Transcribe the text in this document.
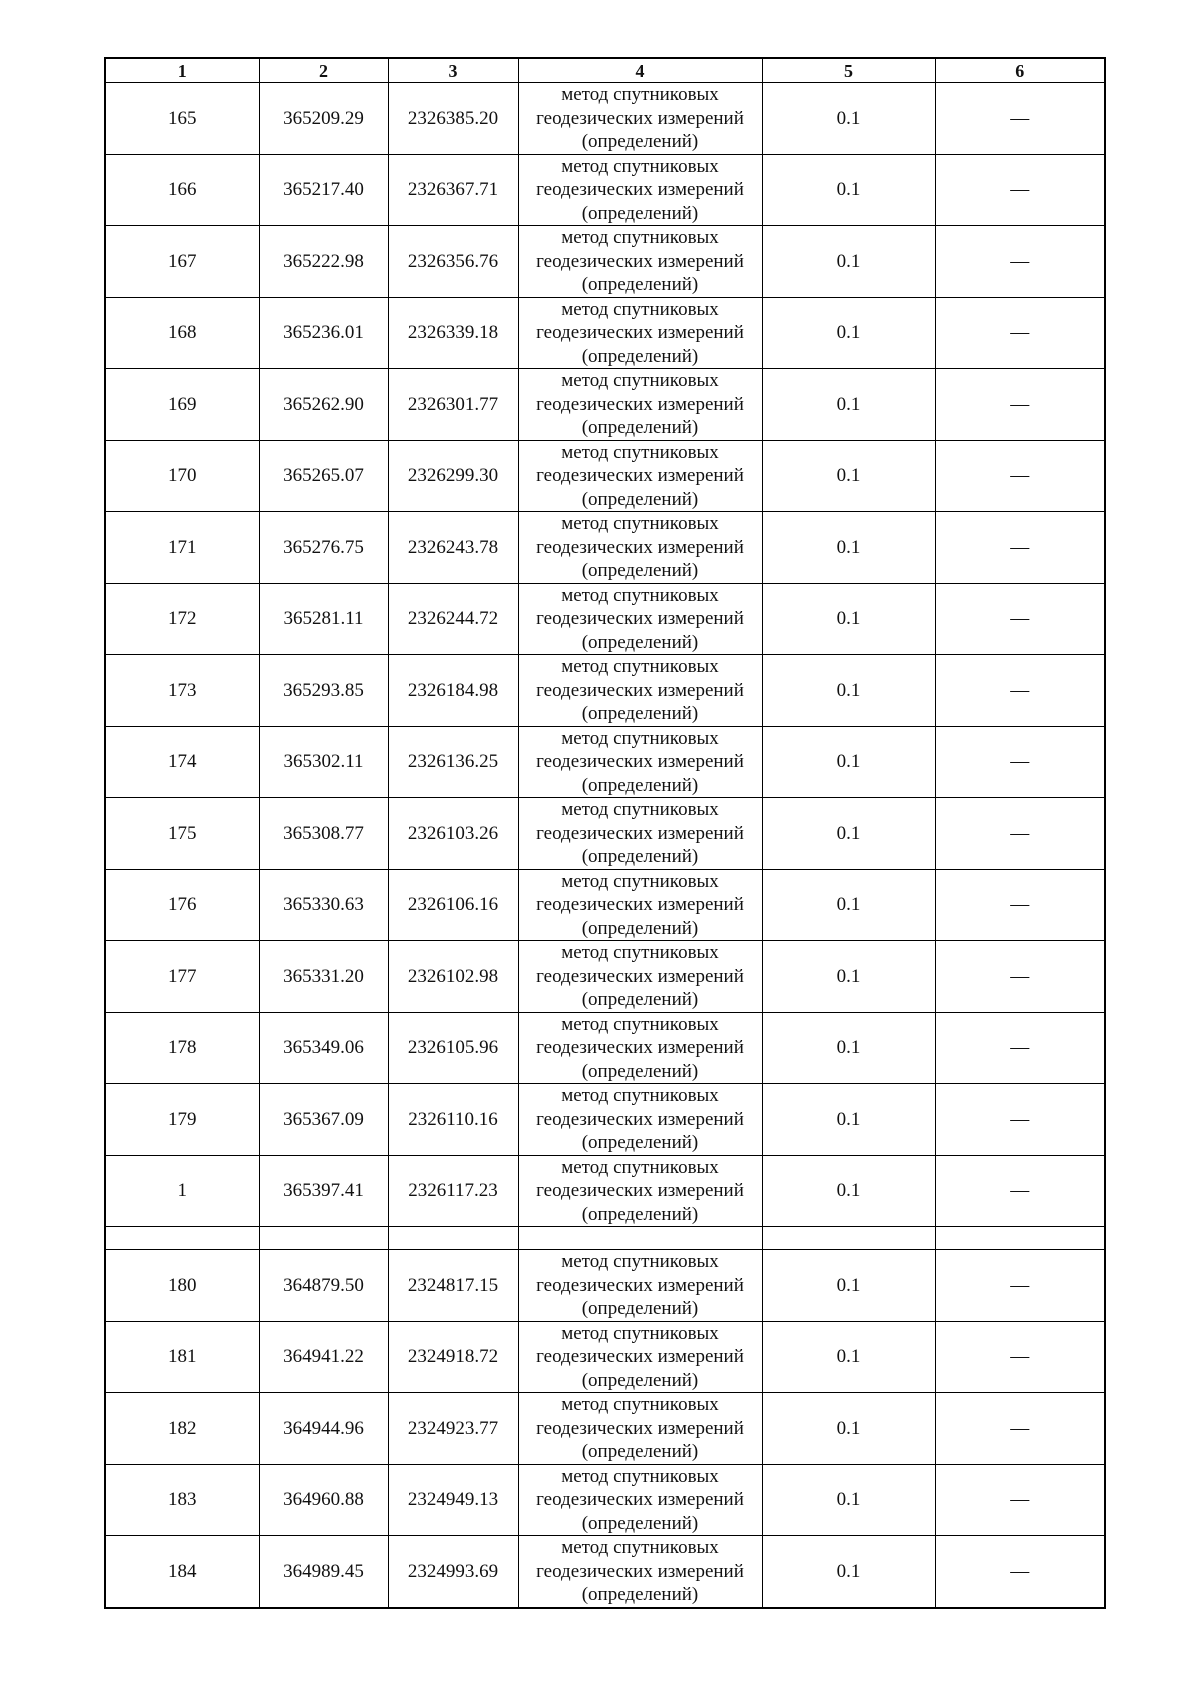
1	2	3	4	5	6
165	365209.29	2326385.20	метод спутниковых
геодезических измерений
(определений)	0.1	—
166	365217.40	2326367.71	метод спутниковых
геодезических измерений
(определений)	0.1	—
167	365222.98	2326356.76	метод спутниковых
геодезических измерений
(определений)	0.1	—
168	365236.01	2326339.18	метод спутниковых
геодезических измерений
(определений)	0.1	—
169	365262.90	2326301.77	метод спутниковых
геодезических измерений
(определений)	0.1	—
170	365265.07	2326299.30	метод спутниковых
геодезических измерений
(определений)	0.1	—
171	365276.75	2326243.78	метод спутниковых
геодезических измерений
(определений)	0.1	—
172	365281.11	2326244.72	метод спутниковых
геодезических измерений
(определений)	0.1	—
173	365293.85	2326184.98	метод спутниковых
геодезических измерений
(определений)	0.1	—
174	365302.11	2326136.25	метод спутниковых
геодезических измерений
(определений)	0.1	—
175	365308.77	2326103.26	метод спутниковых
геодезических измерений
(определений)	0.1	—
176	365330.63	2326106.16	метод спутниковых
геодезических измерений
(определений)	0.1	—
177	365331.20	2326102.98	метод спутниковых
геодезических измерений
(определений)	0.1	—
178	365349.06	2326105.96	метод спутниковых
геодезических измерений
(определений)	0.1	—
179	365367.09	2326110.16	метод спутниковых
геодезических измерений
(определений)	0.1	—
1	365397.41	2326117.23	метод спутниковых
геодезических измерений
(определений)	0.1	—

180	364879.50	2324817.15	метод спутниковых
геодезических измерений
(определений)	0.1	—
181	364941.22	2324918.72	метод спутниковых
геодезических измерений
(определений)	0.1	—
182	364944.96	2324923.77	метод спутниковых
геодезических измерений
(определений)	0.1	—
183	364960.88	2324949.13	метод спутниковых
геодезических измерений
(определений)	0.1	—
184	364989.45	2324993.69	метод спутниковых
геодезических измерений
(определений)	0.1	—
